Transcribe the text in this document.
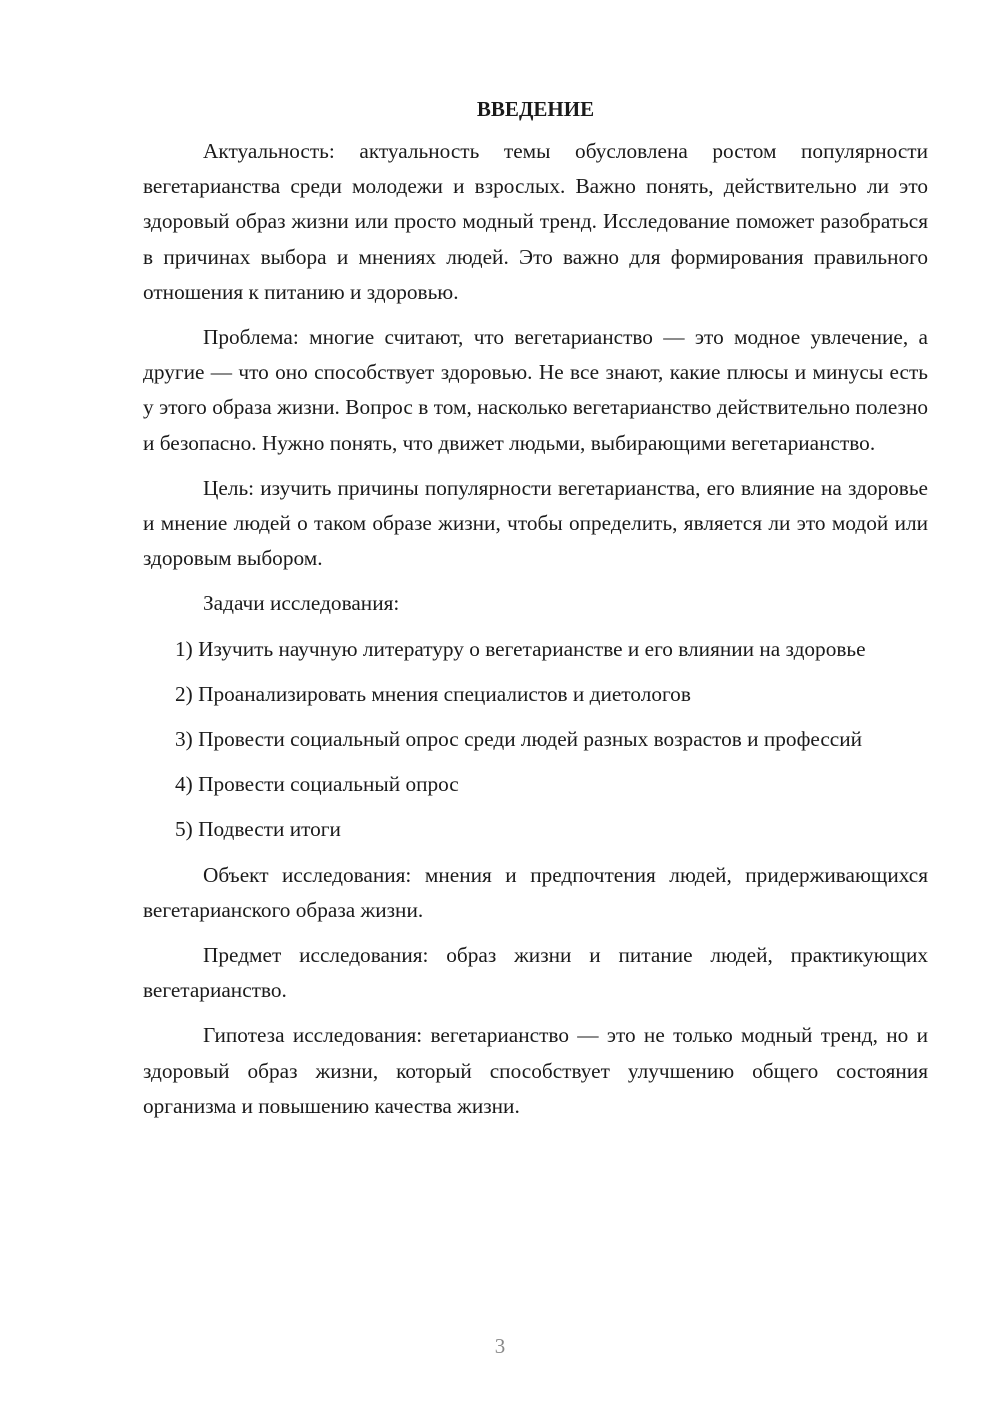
ВВЕДЕНИЕ

Актуальность: актуальность темы обусловлена ростом популярности вегетарианства среди молодежи и взрослых. Важно понять, действительно ли это здоровый образ жизни или просто модный тренд. Исследование поможет разобраться в причинах выбора и мнениях людей. Это важно для формирования правильного отношения к питанию и здоровью.

Проблема: многие считают, что вегетарианство — это модное увлечение, а другие — что оно способствует здоровью. Не все знают, какие плюсы и минусы есть у этого образа жизни. Вопрос в том, насколько вегетарианство действительно полезно и безопасно. Нужно понять, что движет людьми, выбирающими вегетарианство.

Цель: изучить причины популярности вегетарианства, его влияние на здоровье и мнение людей о таком образе жизни, чтобы определить, является ли это модой или здоровым выбором.

Задачи исследования:

1) Изучить научную литературу о вегетарианстве и его влиянии на здоровье

2) Проанализировать мнения специалистов и диетологов

3) Провести социальный опрос среди людей разных возрастов и профессий

4) Провести социальный опрос

5) Подвести итоги

Объект исследования: мнения и предпочтения людей, придерживающихся вегетарианского образа жизни.

Предмет исследования: образ жизни и питание людей, практикующих вегетарианство.

Гипотеза исследования: вегетарианство — это не только модный тренд, но и здоровый образ жизни, который способствует улучшению общего состояния организма и повышению качества жизни.

3
